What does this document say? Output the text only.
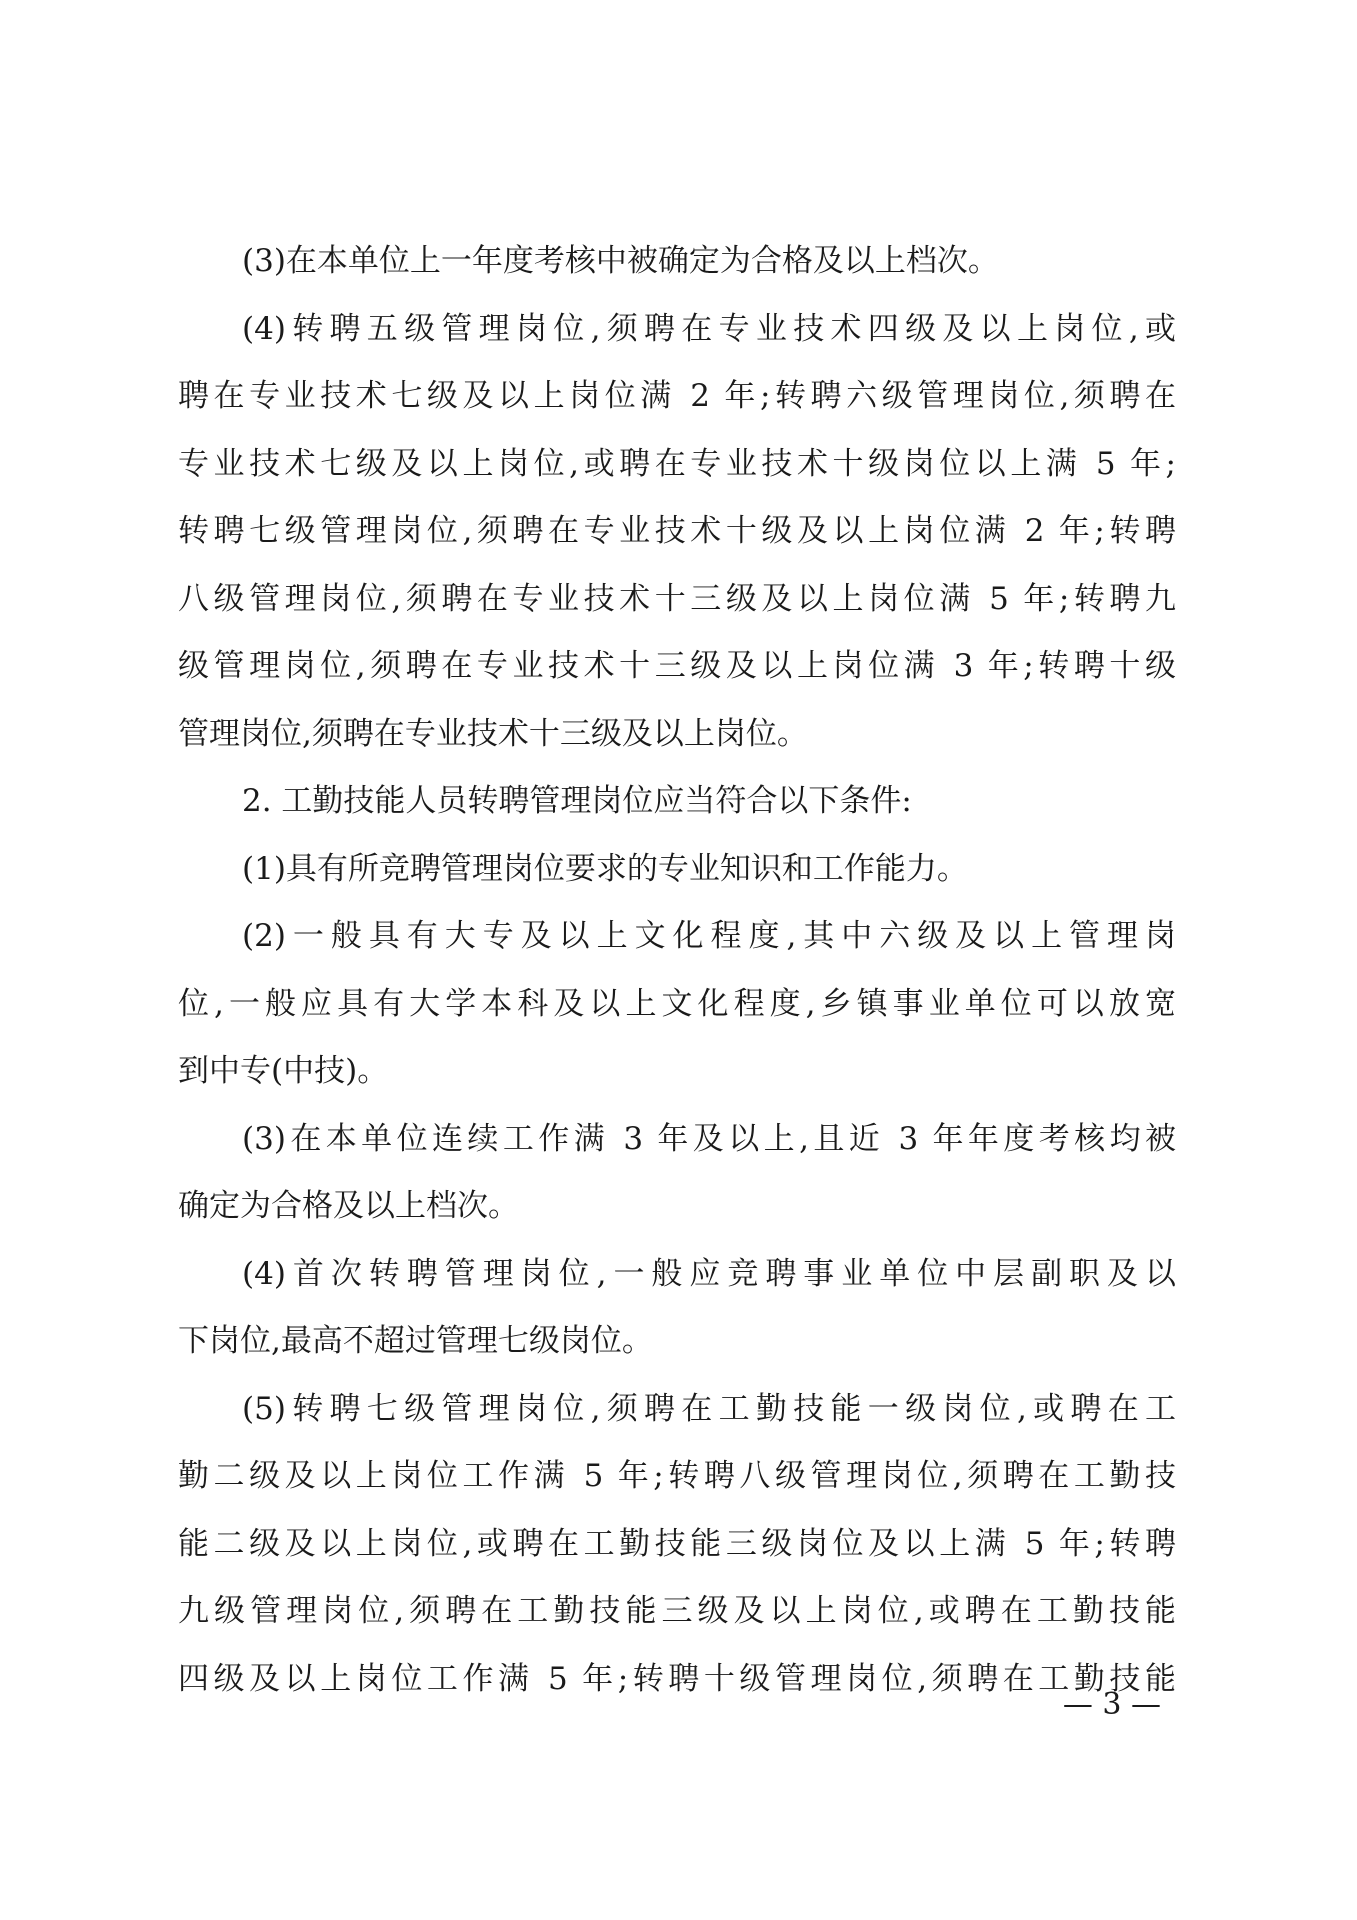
(3)在本单位上一年度考核中被确定为合格及以上档次。
(4)转聘五级管理岗位,须聘在专业技术四级及以上岗位,或
聘在专业技术七级及以上岗位满 2 年;转聘六级管理岗位,须聘在
专业技术七级及以上岗位,或聘在专业技术十级岗位以上满 5 年;
转聘七级管理岗位,须聘在专业技术十级及以上岗位满 2 年;转聘
八级管理岗位,须聘在专业技术十三级及以上岗位满 5 年;转聘九
级管理岗位,须聘在专业技术十三级及以上岗位满 3 年;转聘十级
管理岗位,须聘在专业技术十三级及以上岗位。
2. 工勤技能人员转聘管理岗位应当符合以下条件:
(1)具有所竞聘管理岗位要求的专业知识和工作能力。
(2)一般具有大专及以上文化程度,其中六级及以上管理岗
位,一般应具有大学本科及以上文化程度,乡镇事业单位可以放宽
到中专(中技)。
(3)在本单位连续工作满 3 年及以上,且近 3 年年度考核均被
确定为合格及以上档次。
(4)首次转聘管理岗位,一般应竞聘事业单位中层副职及以
下岗位,最高不超过管理七级岗位。
(5)转聘七级管理岗位,须聘在工勤技能一级岗位,或聘在工
勤二级及以上岗位工作满 5 年;转聘八级管理岗位,须聘在工勤技
能二级及以上岗位,或聘在工勤技能三级岗位及以上满 5 年;转聘
九级管理岗位,须聘在工勤技能三级及以上岗位,或聘在工勤技能
四级及以上岗位工作满 5 年;转聘十级管理岗位,须聘在工勤技能
— 3 —
